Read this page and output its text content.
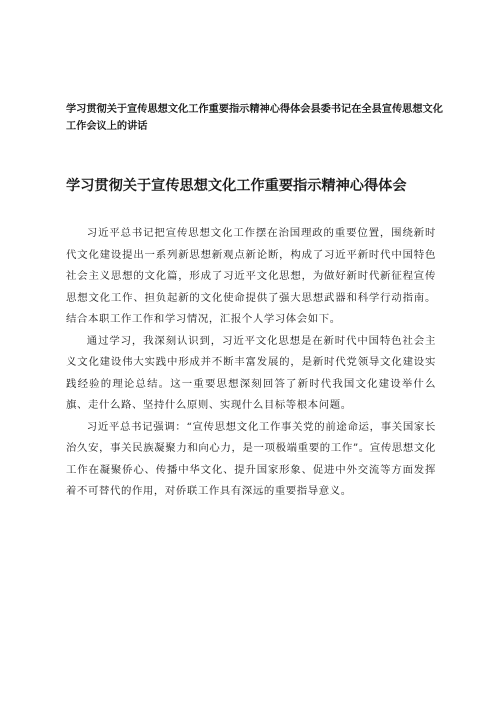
学习贯彻关于宣传思想文化工作重要指示精神心得体会县委书记在全县宣传思想文化工作会议上的讲话
学习贯彻关于宣传思想文化工作重要指示精神心得体会

习近平总书记把宣传思想文化工作摆在治国理政的重要位置，围绕新时代文化建设提出一系列新思想新观点新论断，构成了习近平新时代中国特色社会主义思想的文化篇，形成了习近平文化思想，为做好新时代新征程宣传思想文化工作、担负起新的文化使命提供了强大思想武器和科学行动指南。结合本职工作工作和学习情况，汇报个人学习体会如下。

通过学习，我深刻认识到，习近平文化思想是在新时代中国特色社会主义文化建设伟大实践中形成并不断丰富发展的，是新时代党领导文化建设实践经验的理论总结。这一重要思想深刻回答了新时代我国文化建设举什么旗、走什么路、坚持什么原则、实现什么目标等根本问题。

习近平总书记强调：“宣传思想文化工作事关党的前途命运，事关国家长治久安，事关民族凝聚力和向心力，是一项极端重要的工作”。宣传思想文化工作在凝聚侨心、传播中华文化、提升国家形象、促进中外交流等方面发挥着不可替代的作用，对侨联工作具有深远的重要指导意义。
